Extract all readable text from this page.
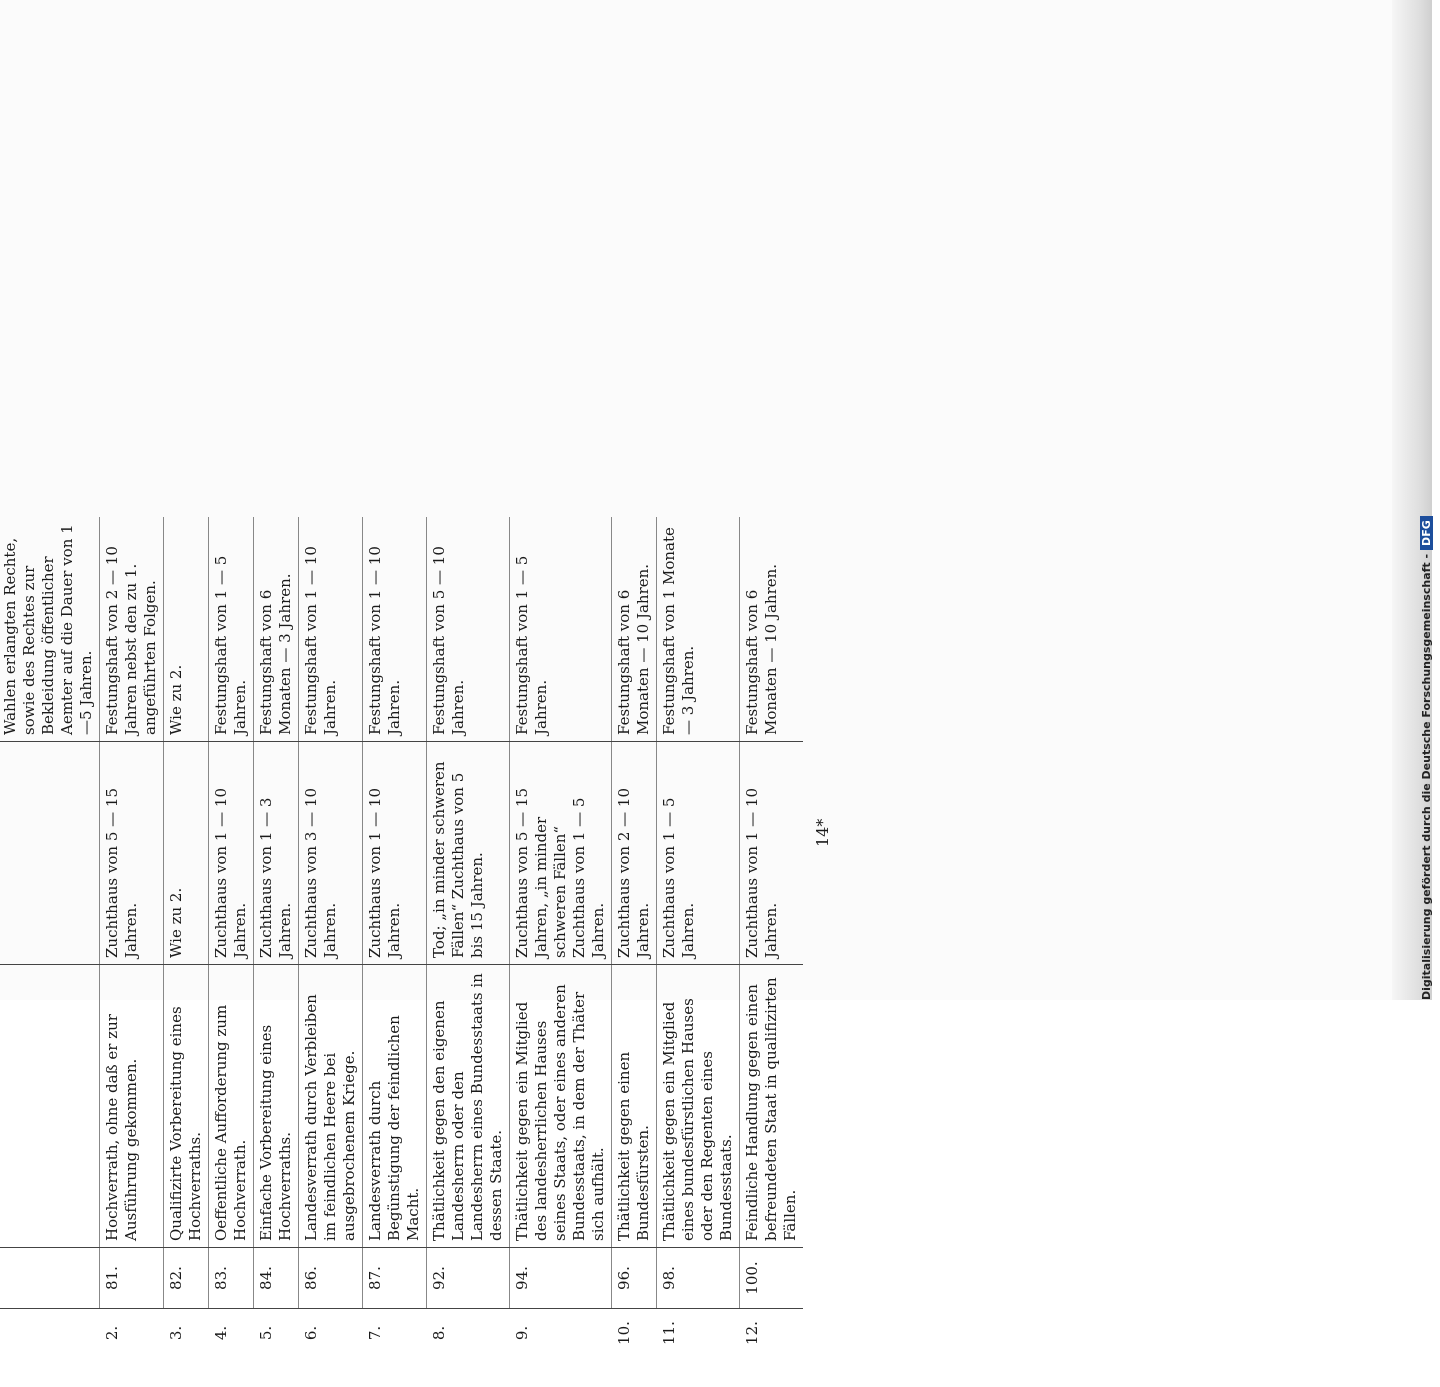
				Wahlen erlangten Rechte, sowie des Rechtes zur Bekleidung öffentlicher Aemter auf die Dauer von 1—5 Jahren.
2.	81.	Hochverrath, ohne daß er zur Ausführung gekommen.	Zuchthaus von 5 — 15 Jahren.	Festungshaft von 2 — 10 Jahren nebst den zu 1. angeführten Folgen.
3.	82.	Qualifizirte Vorbereitung eines Hochverraths.	Wie zu 2.	Wie zu 2.
4.	83.	Oeffentliche Aufforderung zum Hochverrath.	Zuchthaus von 1 — 10 Jahren.	Festungshaft von 1 — 5 Jahren.
5.	84.	Einfache Vorbereitung eines Hochverraths.	Zuchthaus von 1 — 3 Jahren.	Festungshaft von 6 Monaten — 3 Jahren.
6.	86.	Landesverrath durch Verbleiben im feindlichen Heere bei ausgebrochenem Kriege.	Zuchthaus von 3 — 10 Jahren.	Festungshaft von 1 — 10 Jahren.
7.	87.	Landesverrath durch Begünstigung der feindlichen Macht.	Zuchthaus von 1 — 10 Jahren.	Festungshaft von 1 — 10 Jahren.
8.	92.	Thätlichkeit gegen den eigenen Landesherrn oder den Landesherrn eines Bundesstaats in dessen Staate.	Tod; „in minder schweren Fällen“ Zuchthaus von 5 bis 15 Jahren.	Festungshaft von 5 — 10 Jahren.
9.	94.	Thätlichkeit gegen ein Mitglied des landesherrlichen Hauses seines Staats, oder eines anderen Bundesstaats, in dem der Thäter sich aufhält.	Zuchthaus von 5 — 15 Jahren, „in minder schweren Fällen“ Zuchthaus von 1 — 5 Jahren.	Festungshaft von 1 — 5 Jahren.
10.	96.	Thätlichkeit gegen einen Bundesfürsten.	Zuchthaus von 2 — 10 Jahren.	Festungshaft von 6 Monaten — 10 Jahren.
11.	98.	Thätlichkeit gegen ein Mitglied eines bundesfürstlichen Hauses oder den Regenten eines Bundesstaats.	Zuchthaus von 1 — 5 Jahren.	Festungshaft von 1 Monate — 3 Jahren.
12.	100.	Feindliche Handlung gegen einen befreundeten Staat in qualifizirten Fällen.	Zuchthaus von 1 — 10 Jahren.	Festungshaft von 6 Monaten — 10 Jahren.
14*	Digitalisierung gefördert durch die Deutsche Forschungsgemeinschaft -DFG
